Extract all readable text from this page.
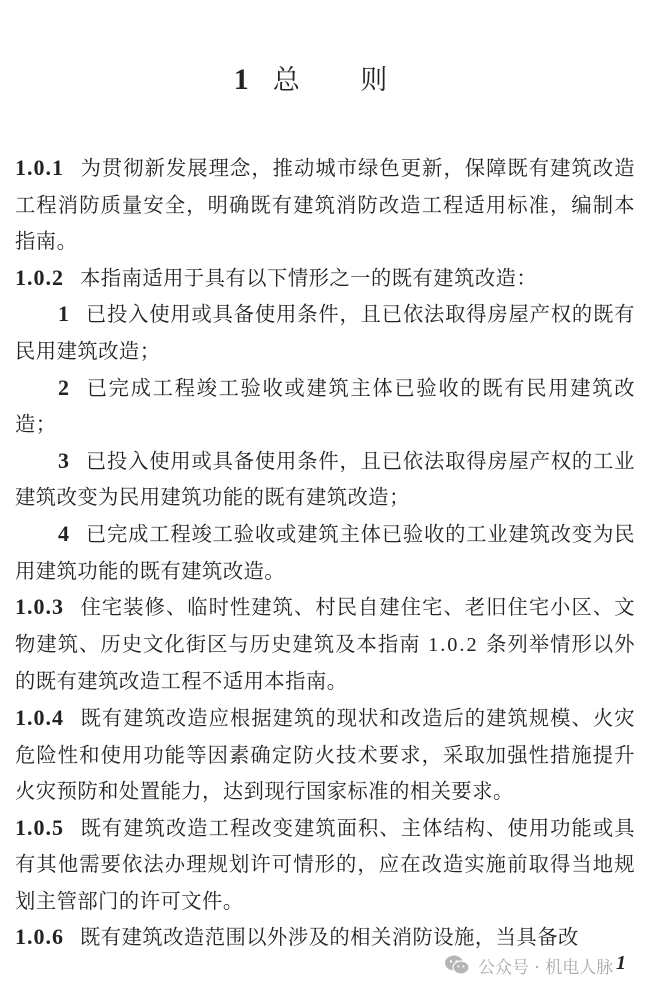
1 总 则

1.0.1 为贯彻新发展理念，推动城市绿色更新，保障既有建筑改造工程消防质量安全，明确既有建筑消防改造工程适用标准，编制本指南。

1.0.2 本指南适用于具有以下情形之一的既有建筑改造：

1 已投入使用或具备使用条件，且已依法取得房屋产权的既有民用建筑改造；

2 已完成工程竣工验收或建筑主体已验收的既有民用建筑改造；

3 已投入使用或具备使用条件，且已依法取得房屋产权的工业建筑改变为民用建筑功能的既有建筑改造；

4 已完成工程竣工验收或建筑主体已验收的工业建筑改变为民用建筑功能的既有建筑改造。

1.0.3 住宅装修、临时性建筑、村民自建住宅、老旧住宅小区、文物建筑、历史文化街区与历史建筑及本指南 1.0.2 条列举情形以外的既有建筑改造工程不适用本指南。

1.0.4 既有建筑改造应根据建筑的现状和改造后的建筑规模、火灾危险性和使用功能等因素确定防火技术要求，采取加强性措施提升火灾预防和处置能力，达到现行国家标准的相关要求。

1.0.5 既有建筑改造工程改变建筑面积、主体结构、使用功能或具有其他需要依法办理规划许可情形的，应在改造实施前取得当地规划主管部门的许可文件。

1.0.6 既有建筑改造范围以外涉及的相关消防设施，当具备改

公众号 · 机电人脉 1
